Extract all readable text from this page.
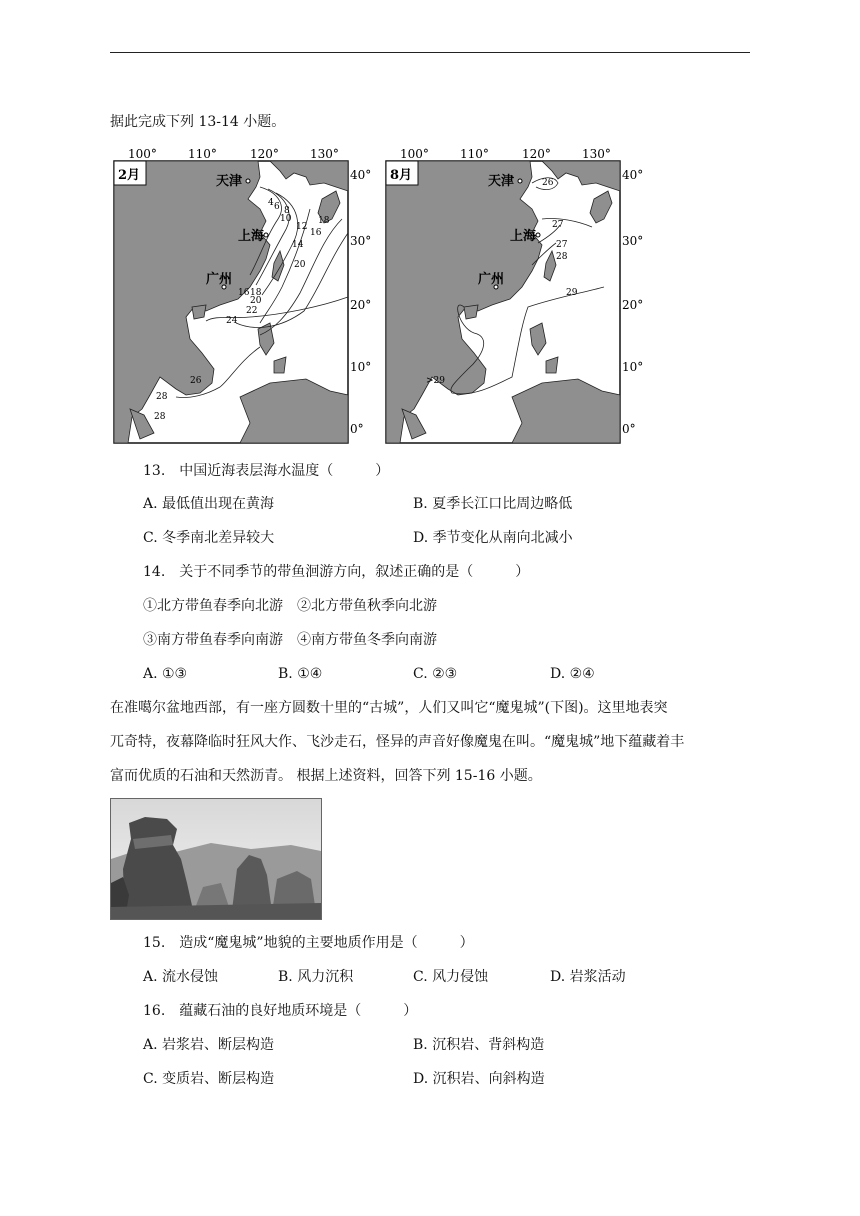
据此完成下列 13-14 小题。
2月
100°	110°	120°	130°
40°
30°
20°
10°
0°
天津
上海
广州
4 6 8
10
12
14
16
18
20
20
22
24
26
28
28
16 18
8月
100°	110°	120°	130°
40°
30°
20°
10°
0°
天津
上海
广州
26
27
27
28
29
>29
13.　中国近海表层海水温度（　　　）
A. 最低值出现在黄海	B. 夏季长江口比周边略低
C. 冬季南北差异较大	D. 季节变化从南向北减小
14.　关于不同季节的带鱼洄游方向，叙述正确的是（　　　）
①北方带鱼春季向北游　②北方带鱼秋季向北游
③南方带鱼春季向南游　④南方带鱼冬季向南游
A. ①③	B. ①④	C. ②③	D. ②④
在准噶尔盆地西部，有一座方圆数十里的“古城”，人们又叫它“魔鬼城”(下图)。这里地表突
兀奇特，夜幕降临时狂风大作、飞沙走石，怪异的声音好像魔鬼在叫。“魔鬼城”地下蕴藏着丰
富而优质的石油和天然沥青。 根据上述资料，回答下列 15-16 小题。
15.　造成“魔鬼城”地貌的主要地质作用是（　　　）
A. 流水侵蚀	B. 风力沉积	C. 风力侵蚀	D. 岩浆活动
16.　蕴藏石油的良好地质环境是（　　　）
A. 岩浆岩、断层构造	B. 沉积岩、背斜构造
C. 变质岩、断层构造	D. 沉积岩、向斜构造
